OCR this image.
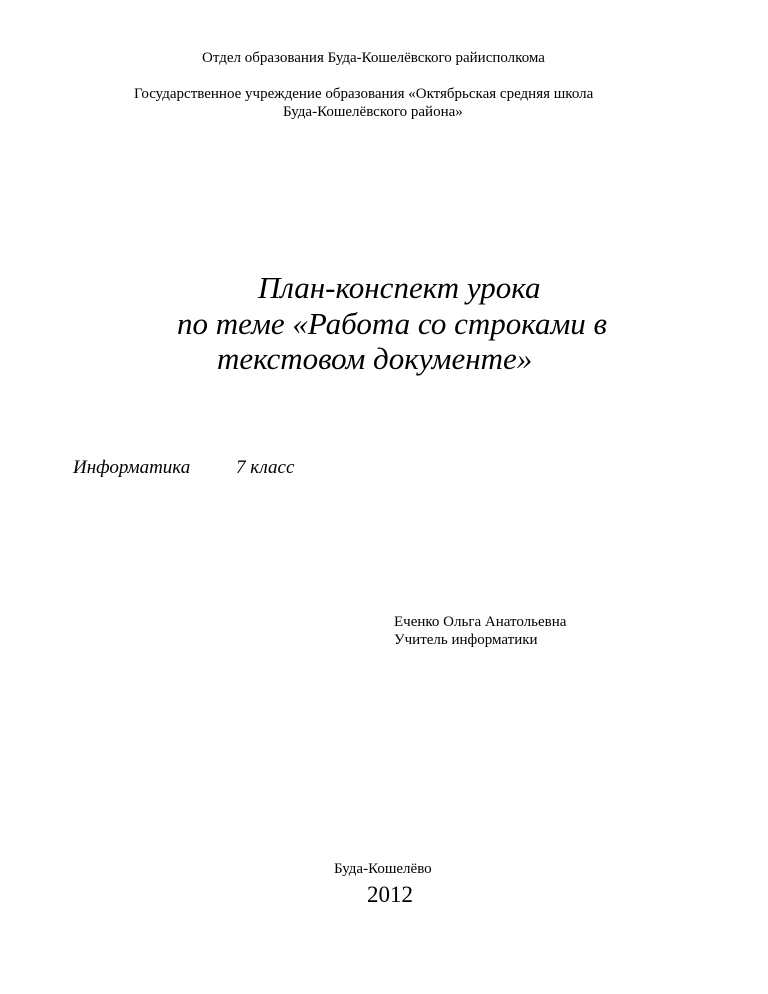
Отдел образования Буда-Кошелёвского райисполкома
Государственное учреждение образования «Октябрьская средняя школа
Буда-Кошелёвского района»
План-конспект урока
по теме «Работа со строками в
текстовом документе»
Информатика 7 класс
Еченко Ольга Анатольевна
Учитель информатики
Буда-Кошелёво
2012
